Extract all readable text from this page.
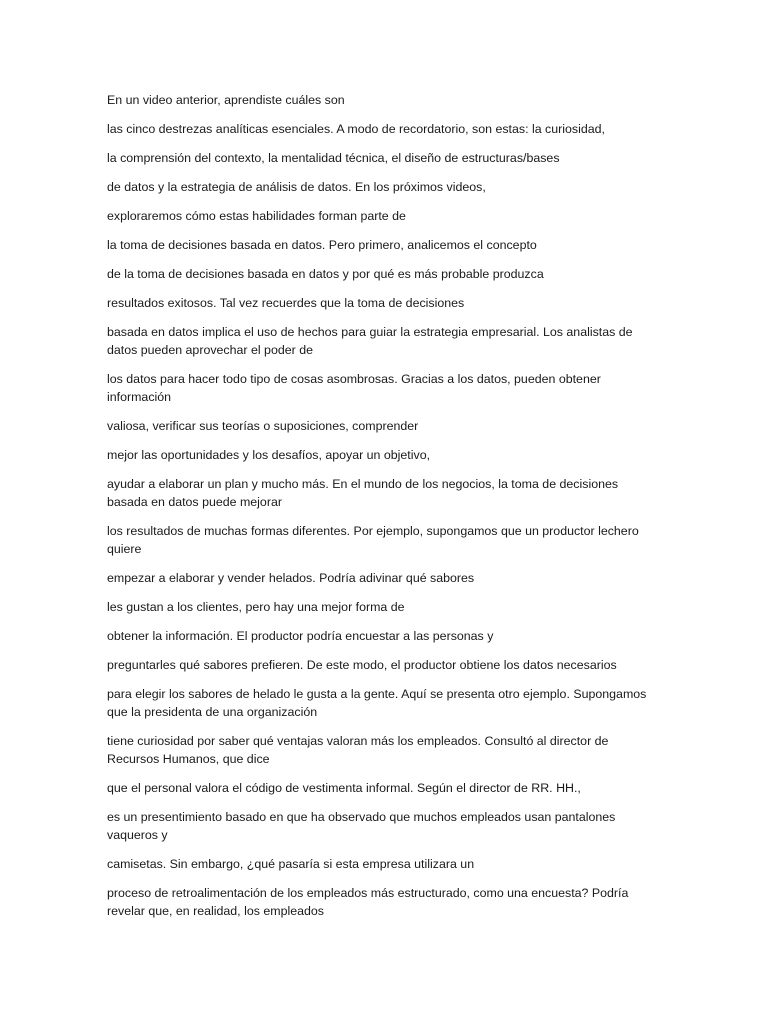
En un video anterior, aprendiste cuáles son

las cinco destrezas analíticas esenciales. A modo de recordatorio, son estas: la curiosidad,

la comprensión del contexto, la mentalidad técnica, el diseño de estructuras/bases

de datos y la estrategia de análisis de datos. En los próximos videos,

exploraremos cómo estas habilidades forman parte de

la toma de decisiones basada en datos. Pero primero, analicemos el concepto

de la toma de decisiones basada en datos y por qué es más probable produzca

resultados exitosos. Tal vez recuerdes que la toma de decisiones

basada en datos implica el uso de hechos para guiar la estrategia empresarial. Los analistas de datos pueden aprovechar el poder de

los datos para hacer todo tipo de cosas asombrosas. Gracias a los datos, pueden obtener información

valiosa, verificar sus teorías o suposiciones, comprender

mejor las oportunidades y los desafíos, apoyar un objetivo,

ayudar a elaborar un plan y mucho más. En el mundo de los negocios, la toma de decisiones basada en datos puede mejorar

los resultados de muchas formas diferentes. Por ejemplo, supongamos que un productor lechero quiere

empezar a elaborar y vender helados. Podría adivinar qué sabores

les gustan a los clientes, pero hay una mejor forma de

obtener la información. El productor podría encuestar a las personas y

preguntarles qué sabores prefieren. De este modo, el productor obtiene los datos necesarios

para elegir los sabores de helado le gusta a la gente. Aquí se presenta otro ejemplo. Supongamos que la presidenta de una organización

tiene curiosidad por saber qué ventajas valoran más los empleados. Consultó al director de Recursos Humanos, que dice

que el personal valora el código de vestimenta informal. Según el director de RR. HH.,

es un presentimiento basado en que ha observado que muchos empleados usan pantalones vaqueros y

camisetas. Sin embargo, ¿qué pasaría si esta empresa utilizara un

proceso de retroalimentación de los empleados más estructurado, como una encuesta? Podría revelar que, en realidad, los empleados
